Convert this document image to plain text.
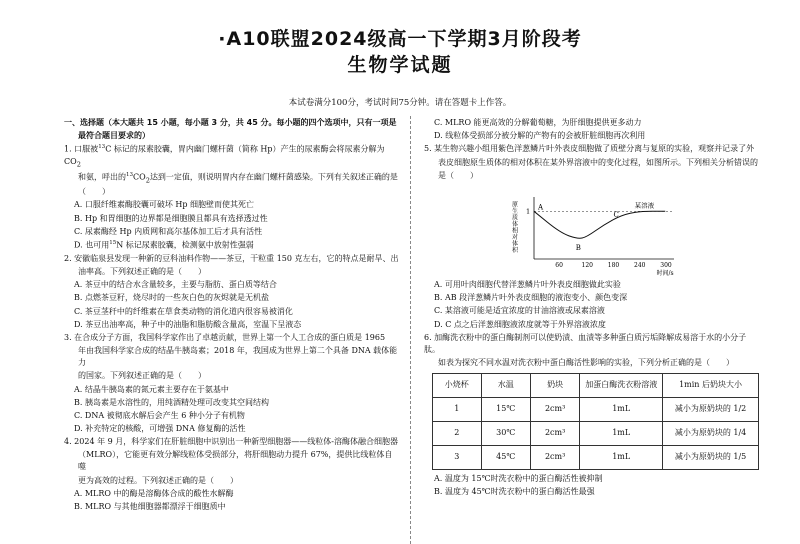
·A10联盟2024级高一下学期3月阶段考
生物学试题
本试卷满分100分，考试时间75分钟。请在答题卡上作答。

一、选择题（本大题共 15 小题，每小题 3 分，共 45 分。每小题的四个选项中，只有一项是

最符合题目要求的）

1. 口服被$^{13}$C 标记的尿素胶囊，胃内幽门螺杆菌（简称 Hp）产生的尿素酶会将尿素分解为 $CO_2$

和氨，呼出的$^{13}CO_2$达到一定值，则说明胃内存在幽门螺杆菌感染。下列有关叙述正确的是

（　　）

A. 口服纤维素酶胶囊可破坏 Hp 细胞壁而使其死亡

B. Hp 和胃细胞的边界都是细胞膜且都具有选择透过性

C. 尿素酶经 Hp 内质网和高尔基体加工后才具有活性

D. 也可用$^{15}$N 标记尿素胶囊，检测氨中放射性强弱

2. 安徽临泉县发现一种新的豆科油料作物——茶豆，干粒重 150 克左右，它的特点是耐旱、出

油率高。下列叙述正确的是（　　）

A. 茶豆中的结合水含量较多，主要与脂肪、蛋白质等结合

B. 点燃茶豆籽，烧尽时的一些灰白色的灰烬就是无机盐

C. 茶豆茎秆中的纤维素在草食类动物的消化道内很容易被消化

D. 茶豆出油率高，种子中的油脂和脂肪酸含量高，室温下呈液态

3. 在合成分子方面，我国科学家作出了卓越贡献，世界上第一个人工合成的蛋白质是 1965

年由我国科学家合成的结晶牛胰岛素；2018 年，我国成为世界上第二个具备 DNA 载体能力

的国家。下列叙述正确的是（　　）

A. 结晶牛胰岛素的氮元素主要存在于氨基中

B. 胰岛素是水溶性的，用纯酒精处理可改变其空间结构

C. DNA 被彻底水解后会产生 6 种小分子有机物

D. 补充特定的核酸，可增强 DNA 修复酶的活性

4. 2024 年 9 月，科学家们在肝脏细胞中识别出一种新型细胞器——线粒体-溶酶体融合细胞器

（MLRO），它能更有效分解线粒体受损部分，将肝细胞动力提升 67%，提供比线粒体自噬

更为高效的过程。下列叙述正确的是（　　）

A. MLRO 中的酶是溶酶体合成的酸性水解酶

B. MLRO 与其他细胞器都漂浮于细胞质中

C. MLRO 能更高效的分解葡萄糖，为肝细胞提供更多动力

D. 线粒体受损部分被分解的产物有的会被肝脏细胞再次利用

5. 某生物兴趣小组用紫色洋葱鳞片叶外表皮细胞做了质壁分离与复原的实验，观察并记录了外

表皮细胞原生质体的相对体积在某外界溶液中的变化过程，如图所示。下列相关分析错误的

是（　　）

原生质体相对体积 1 A
B
C
某溶液
时间/s
60	120 180 240 300

A. 可用叶肉细胞代替洋葱鳞片叶外表皮细胞做此实验

B. AB 段洋葱鳞片叶外表皮细胞的液泡变小、颜色变深

C. 某溶液可能是适宜浓度的甘油溶液或尿素溶液

D. C 点之后洋葱细胞液浓度就等于外界溶液浓度

6. 加酶洗衣粉中的蛋白酶制剂可以使奶渍、血渍等多种蛋白质污垢降解成易溶于水的小分子肽。

如表为探究不同水温对洗衣粉中蛋白酶活性影响的实验，下列分析正确的是（　　）

小烧杯	水温	奶块	加蛋白酶洗衣粉溶液	1min 后奶块大小
1	15℃	2cm³	1mL	减小为原奶块的 1/2
2	30℃	2cm³	1mL	减小为原奶块的 1/4
3	45℃	2cm³	1mL	减小为原奶块的 1/5

A. 温度为 15℃时洗衣粉中的蛋白酶活性被抑制

B. 温度为 45℃时洗衣粉中的蛋白酶活性最强
